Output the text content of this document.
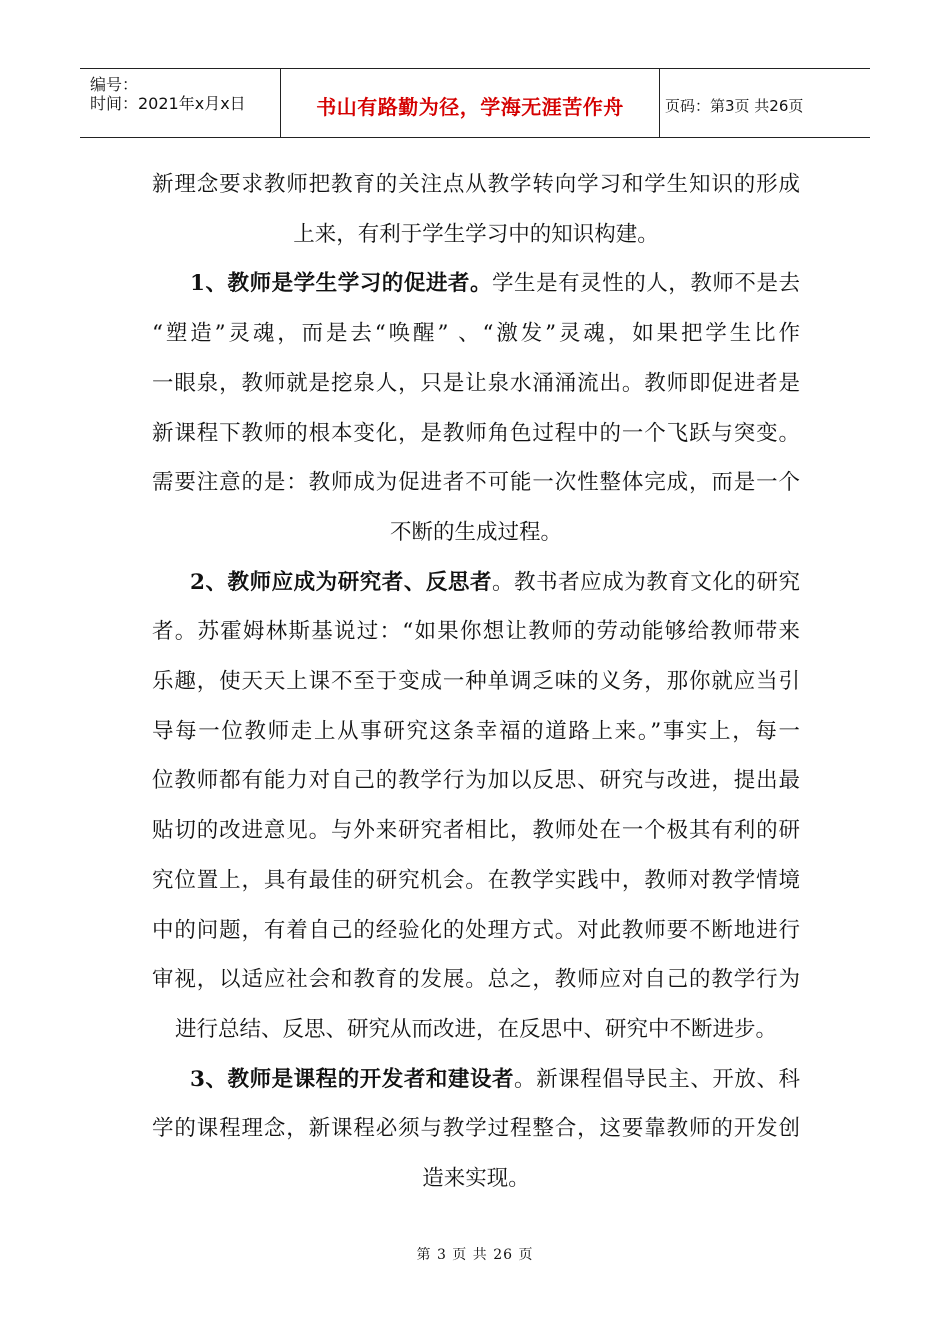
编号：
时间：2021年x月x日	书山有路勤为径，学海无涯苦作舟	页码：第3页 共26页
新理念要求教师把教育的关注点从教学转向学习和学生知识的形成
上来，有利于学生学习中的知识构建。
1、教师是学生学习的促进者。学生是有灵性的人，教师不是去
“塑造”灵魂，而是去“唤醒” 、“激发”灵魂，如果把学生比作
一眼泉，教师就是挖泉人，只是让泉水涌涌流出。教师即促进者是
新课程下教师的根本变化，是教师角色过程中的一个飞跃与突变。
需要注意的是：教师成为促进者不可能一次性整体完成，而是一个
不断的生成过程。
2、教师应成为研究者、反思者。教书者应成为教育文化的研究
者。苏霍姆林斯基说过：“如果你想让教师的劳动能够给教师带来
乐趣，使天天上课不至于变成一种单调乏味的义务，那你就应当引
导每一位教师走上从事研究这条幸福的道路上来。”事实上，每一
位教师都有能力对自己的教学行为加以反思、研究与改进，提出最
贴切的改进意见。与外来研究者相比，教师处在一个极其有利的研
究位置上，具有最佳的研究机会。在教学实践中，教师对教学情境
中的问题，有着自己的经验化的处理方式。对此教师要不断地进行
审视，以适应社会和教育的发展。总之，教师应对自己的教学行为
进行总结、反思、研究从而改进，在反思中、研究中不断进步。
3、教师是课程的开发者和建设者。新课程倡导民主、开放、科
学的课程理念，新课程必须与教学过程整合，这要靠教师的开发创
造来实现。
第 3 页 共 26 页
